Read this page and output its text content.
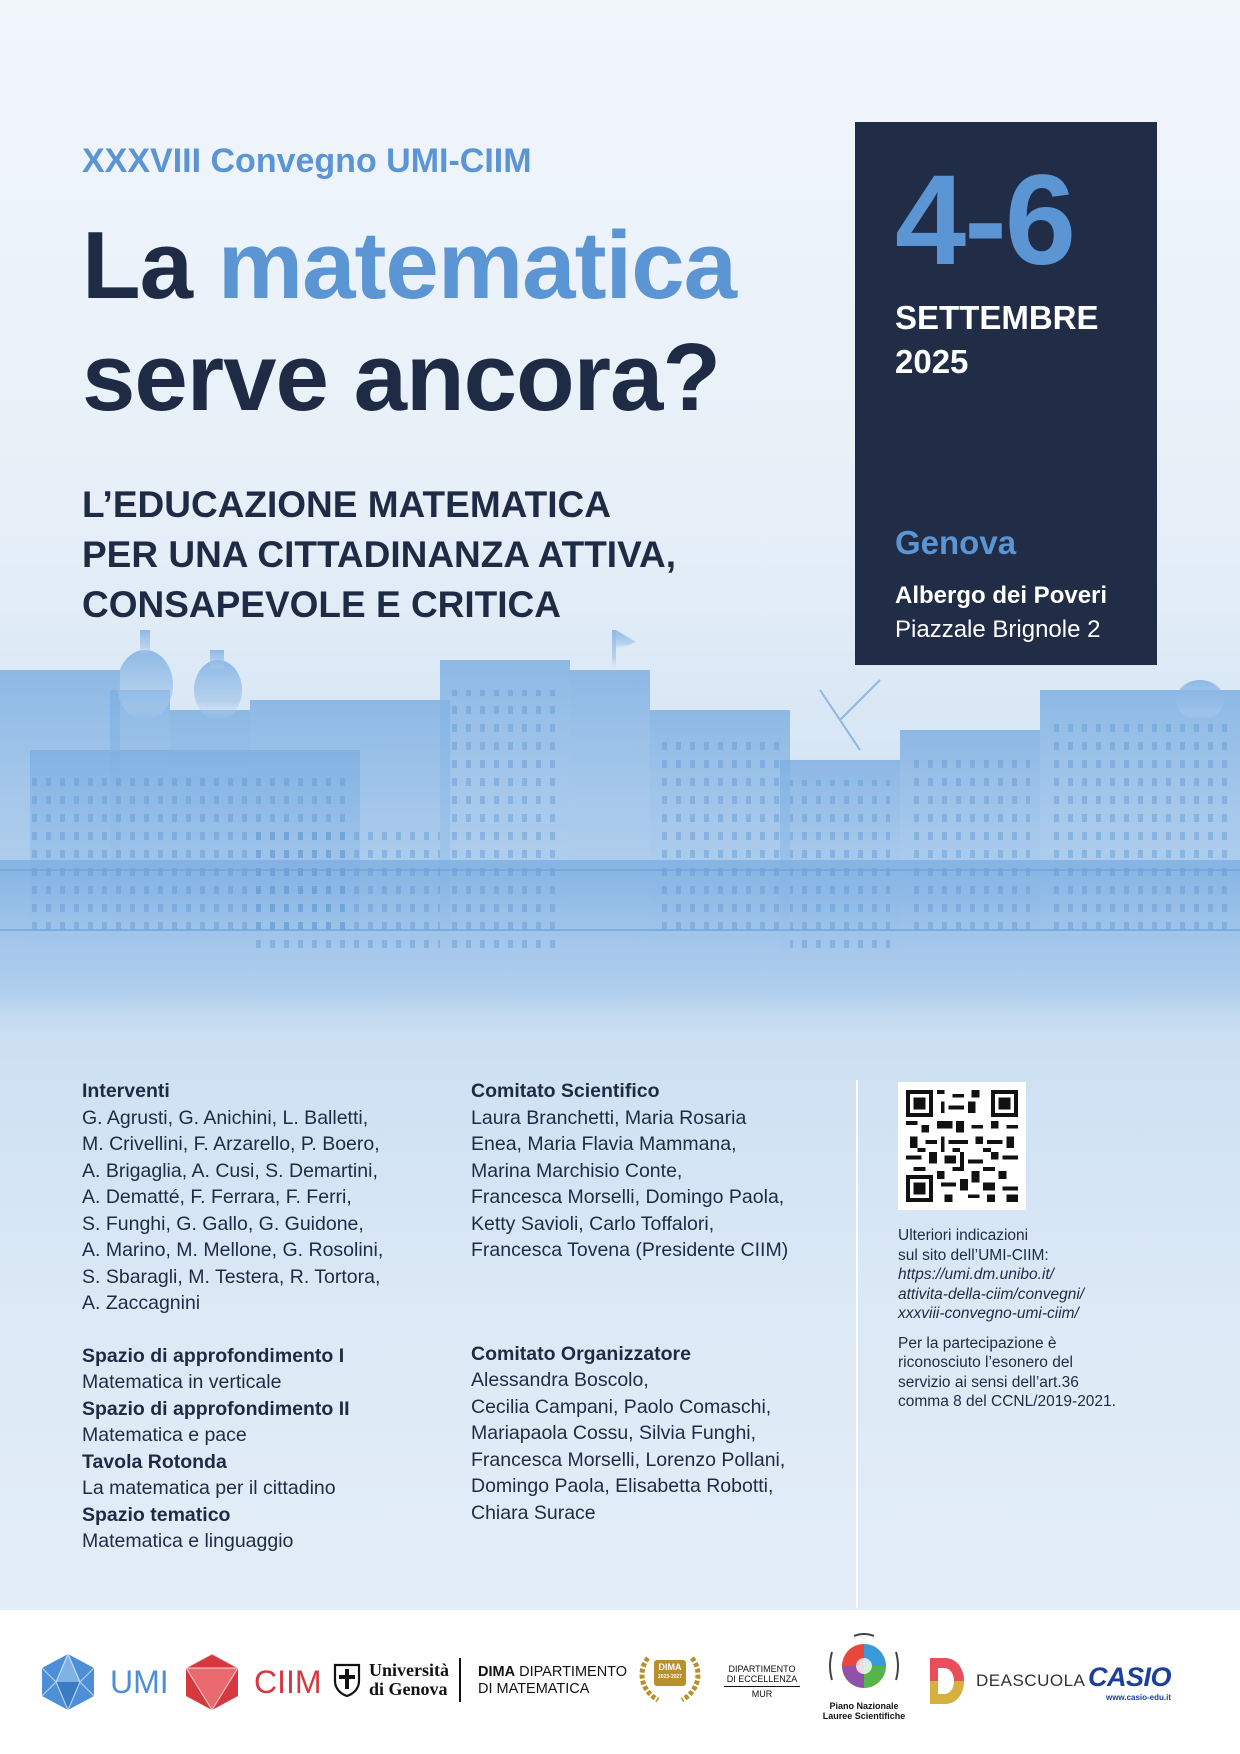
XXXVIII Convegno UMI-CIIM
La matematica
serve ancora?
L’EDUCAZIONE MATEMATICA
PER UNA CITTADINANZA ATTIVA,
CONSAPEVOLE E CRITICA
4-6
SETTEMBRE
2025
Genova
Albergo dei Poveri
Piazzale Brignole 2
Interventi
G. Agrusti, G. Anichini, L. Balletti,
M. Crivellini, F. Arzarello, P. Boero,
A. Brigaglia, A. Cusi, S. Demartini,
A. Dematté, F. Ferrara, F. Ferri,
S. Funghi, G. Gallo, G. Guidone,
A. Marino, M. Mellone, G. Rosolini,
S. Sbaragli, M. Testera, R. Tortora,
A. Zaccagnini
Spazio di approfondimento I
Matematica in verticale
Spazio di approfondimento II
Matematica e pace
Tavola Rotonda
La matematica per il cittadino
Spazio tematico
Matematica e linguaggio
Comitato Scientifico
Laura Branchetti, Maria Rosaria
Enea, Maria Flavia Mammana,
Marina Marchisio Conte,
Francesca Morselli, Domingo Paola,
Ketty Savioli, Carlo Toffalori,
Francesca Tovena (Presidente CIIM)
Comitato Organizzatore
Alessandra Boscolo,
Cecilia Campani, Paolo Comaschi,
Mariapaola Cossu, Silvia Funghi,
Francesca Morselli, Lorenzo Pollani,
Domingo Paola, Elisabetta Robotti,
Chiara Surace

Ulteriori indicazioni
sul sito dell’UMI-CIIM:
https://umi.dm.unibo.it/
attivita-della-ciim/convegni/
xxxviii-convegno-umi-ciim/

Per la partecipazione è
riconosciuto l’esonero del
servizio ai sensi dell’art.36
comma 8 del CCNL/2019-2021.

UMI	CIIM	Università
di Genova
DIMA DIPARTIMENTO
DI MATEMATICA
DIMA
2023-2027
DIPARTIMENTO
DI ECCELLENZA
MUR
Piano Nazionale
Lauree Scientifiche
DEASCUOLA CASIO
www.casio-edu.it
